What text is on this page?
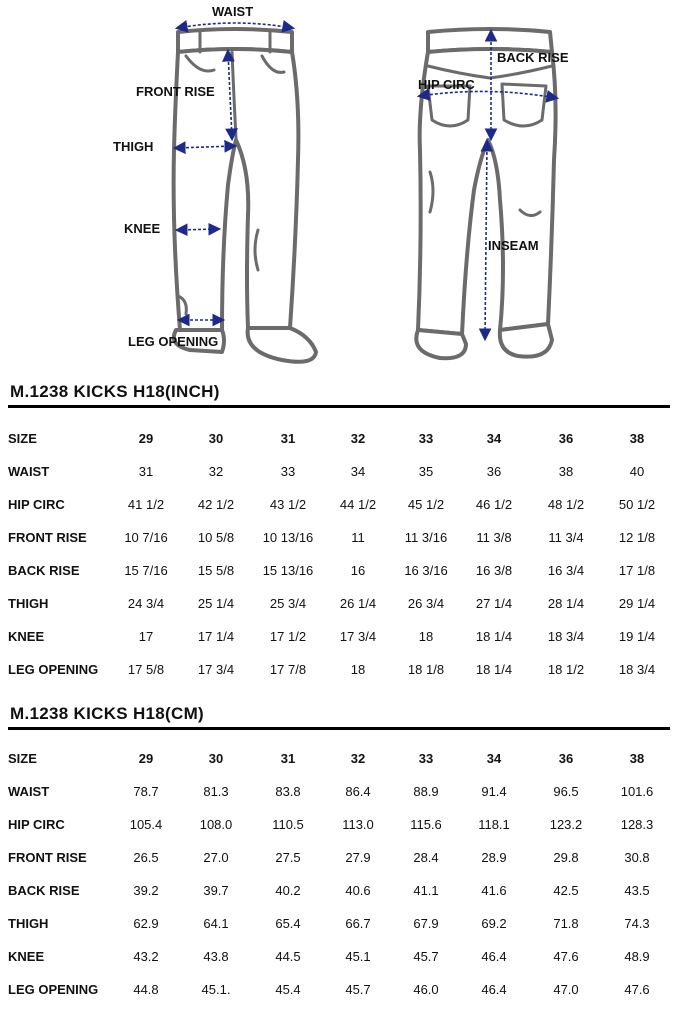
WAIST
FRONT RISE
THIGH
KNEE
LEG OPENING
BACK RISE
HIP CIRC
INSEAM
M.1238 KICKS H18(INCH)
SIZE	29	30	31	32	33	34	36	38
WAIST	31	32	33	34	35	36	38	40
HIP CIRC	41 1/2	42 1/2	43 1/2	44 1/2	45 1/2	46 1/2	48 1/2	50 1/2
FRONT RISE	10 7/16	10 5/8	10 13/16	11	11 3/16	11 3/8	11 3/4	12 1/8
BACK RISE	15 7/16	15 5/8	15 13/16	16	16 3/16	16 3/8	16 3/4	17 1/8
THIGH	24 3/4	25 1/4	25 3/4	26 1/4	26 3/4	27 1/4	28 1/4	29 1/4
KNEE	17	17 1/4	17 1/2	17 3/4	18	18 1/4	18 3/4	19 1/4
LEG OPENING	17 5/8	17 3/4	17 7/8	18	18 1/8	18 1/4	18 1/2	18 3/4
M.1238 KICKS H18(CM)
SIZE	29	30	31	32	33	34	36	38
WAIST	78.7	81.3	83.8	86.4	88.9	91.4	96.5	101.6
HIP CIRC	105.4	108.0	110.5	113.0	115.6	118.1	123.2	128.3
FRONT RISE	26.5	27.0	27.5	27.9	28.4	28.9	29.8	30.8
BACK RISE	39.2	39.7	40.2	40.6	41.1	41.6	42.5	43.5
THIGH	62.9	64.1	65.4	66.7	67.9	69.2	71.8	74.3
KNEE	43.2	43.8	44.5	45.1	45.7	46.4	47.6	48.9
LEG OPENING	44.8	45.1.	45.4	45.7	46.0	46.4	47.0	47.6
